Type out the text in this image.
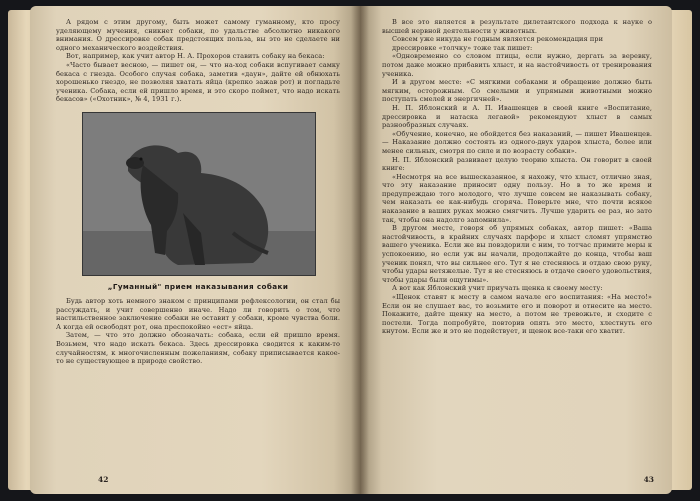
А рядом с этим другому, быть может самому гуманному, кто просу уделяющему мучения, сникнет собаки, по удальстве абсолютно никакого внимания. О дрессировке собак предстоящих польза, вы это не сделаете ни одного механического воздействия.

Вот, например, как учит автор Н. А. Прохоров ставить собаку на бекаса:

«Часто бывает весною, — пишет он, — что на-ход собаки вспугивает самку бекаса с гнезда. Особого случая собака, заметив «даун», дайте ей обнюхать хорошенько гнездо, не позволяя хватать яйца (крепко зажав рот) и погладьте ученика. Собака, если ей пришло время, и это скоро поймет, что надо искать бекасов» («Охотник», № 4, 1931 г.).

„Гуманный" прием наказывания собаки

Будь автор хоть немного знаком с принципами рефлексологии, он стал бы рассуждать, и учит совершенно иначе. Надо ли говорить о том, что настильственное заключение собаки не оставит у собаки, кроме чувства боли. А когда ей освободят рот, она преспокойно «ест» яйца.

Затем, — что это должно обозначать: собака, если ей пришло время. Возьмем, что надо искать бекаса. Здесь дрессировка сводится к каким-то случайностям, к многочисленным пожеланиям, собаку приписывается какое-то не существующее в природе свойство.

В все это является в результате дилетантского подхода к науке о высшей нервной деятельности у животных.

Совсем уже никуда не годным является рекомендация при

дрессировке «толчку» тоже так пишет:

«Одновременно со словом птицы, если нужно, дергать за веревку, потом даже можно прибавить хлыст, и на настойчивость от тренирования ученика.

И в другом месте: «С мягкими собаками и обращение должно быть мягким, осторожным. Со смелыми и упрямыми животными можно поступать смелей и энергичней».

Н. П. Яблонский и А. П. Ивашенцев в своей книге «Воспитание, дрессировка и натаска легавой» рекомендуют хлыст в самых разнообразных случаях.

«Обучение, конечно, не обойдется без наказаний, — пишет Ивашенцев. — Наказание должно состоять из одного-двух ударов хлыста, более или менее сильных, смотря по силе и по возрасту собаки».

Н. П. Яблонский развивает целую теорию хлыста. Он говорит в своей книге:

«Несмотря на все вышесказанное, я нахожу, что хлыст, отлично зная, что эту наказание приносит одну пользу. Но в то же время и предупреждаю того молодого, что лучше совсем не наказывать собаку, чем наказать ее как-нибудь сгоряча. Поверьте мне, что почти всякое наказание в ваших руках можно смягчить. Лучше ударить ее раз, но зато так, чтобы она надолго запомнила».

В другом месте, говоря об упрямых собаках, автор пишет: «Ваша настойчивость, в крайних случаях парфорс и хлыст сломят упрямство вашего ученика. Если же вы повздорили с ним, то тотчас примите меры к успокоению, но если уж вы начали, продолжайте до конца, чтобы ваш ученик понял, что вы сильнее его. Тут я не стесняюсь и отдаю свою руку, чтобы удары нетяжелые. Тут я не стесняюсь в отдаче своего удовольствия, чтобы удары были ощутимы».

А вот как Яблонский учит приучать щенка к своему месту:

«Щенок ставят к месту в самом начале его воспитания: «На место!» Если он не слушает вас, то возьмите его и поворот и отнесите на место. Покажите, дайте щенку на место, а потом не тревожьте, и сходите с постели. Тогда попробуйте, повторив опять это место, хлестнуть его кнутом. Если же и это не подействует, и щенок все-таки его хватит.

42	43
